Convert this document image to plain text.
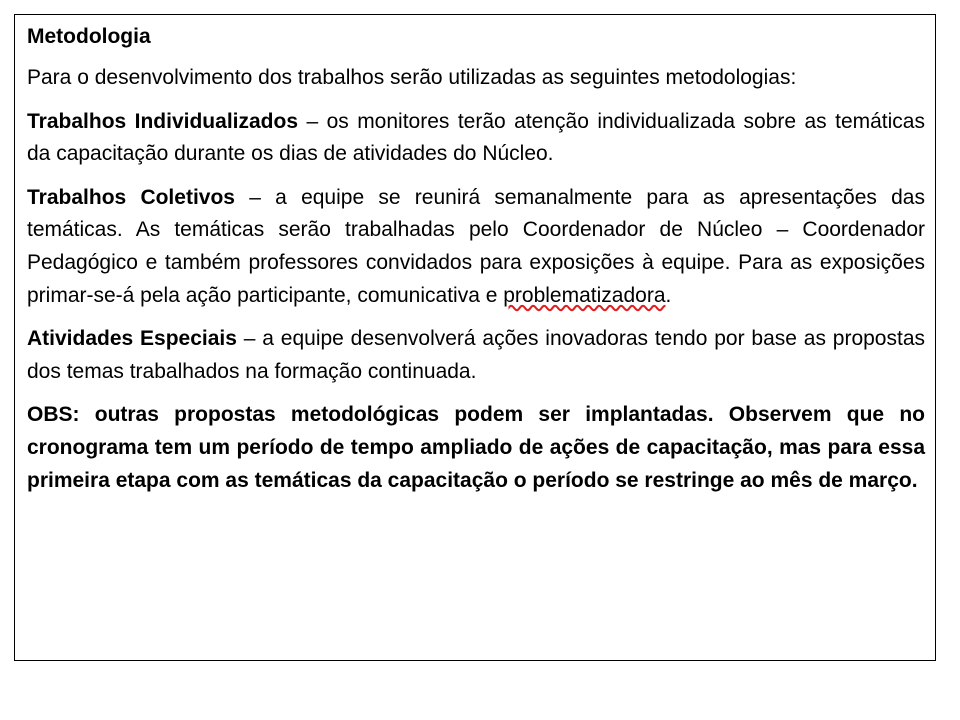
Metodologia

Para o desenvolvimento dos trabalhos serão utilizadas as seguintes metodologias:

Trabalhos Individualizados – os monitores terão atenção individualizada sobre as temáticas da capacitação durante os dias de atividades do Núcleo.

Trabalhos Coletivos – a equipe se reunirá semanalmente para as apresentações das temáticas. As temáticas serão trabalhadas pelo Coordenador de Núcleo – Coordenador Pedagógico e também professores convidados para exposições à equipe. Para as exposições primar-se-á pela ação participante, comunicativa e problematizadora.

Atividades Especiais – a equipe desenvolverá ações inovadoras tendo por base as propostas dos temas trabalhados na formação continuada.

OBS: outras propostas metodológicas podem ser implantadas. Observem que no cronograma tem um período de tempo ampliado de ações de capacitação, mas para essa primeira etapa com as temáticas da capacitação o período se restringe ao mês de março.
